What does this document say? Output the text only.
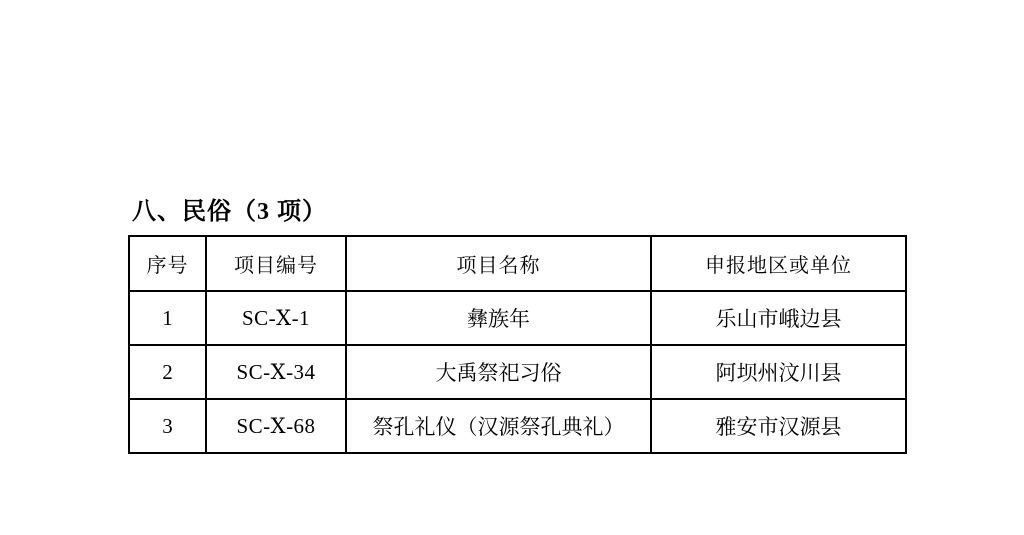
八、民俗（3 项）
序号	项目编号	项目名称	申报地区或单位
1	SC-Ⅹ-1	彝族年	乐山市峨边县
2	SC-Ⅹ-34	大禹祭祀习俗	阿坝州汶川县
3	SC-Ⅹ-68	祭孔礼仪（汉源祭孔典礼）	雅安市汉源县
